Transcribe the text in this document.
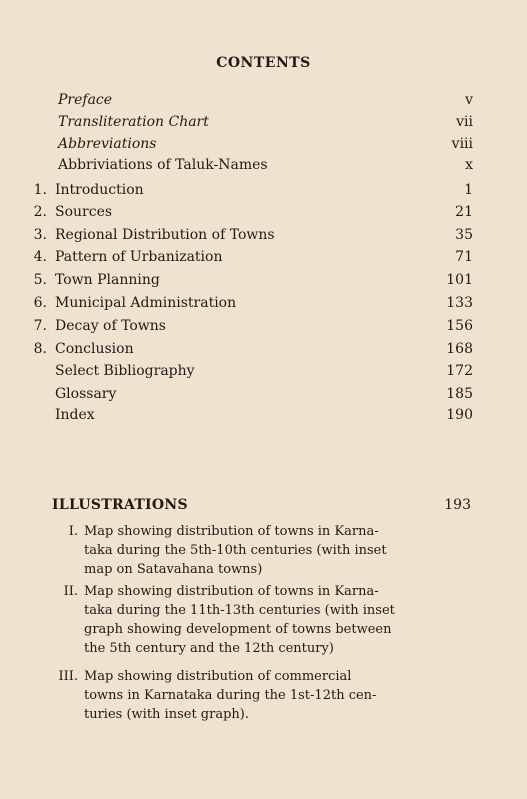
CONTENTS
Preface	v
Transliteration Chart	vii
Abbreviations	viii
Abbriviations of Taluk-Names	x
1. Introduction	1
2. Sources	21
3. Regional Distribution of Towns	35
4. Pattern of Urbanization	71
5. Town Planning	101
6. Municipal Administration	133
7. Decay of Towns	156
8. Conclusion	168
Select Bibliography	172
Glossary	185
Index	190
ILLUSTRATIONS	193
I. Map showing distribution of towns in Karna-
taka during the 5th-10th centuries (with inset
map on Satavahana towns)
II. Map showing distribution of towns in Karna-
taka during the 11th-13th centuries (with inset
graph showing development of towns between
the 5th century and the 12th century)
III. Map showing distribution of commercial
towns in Karnataka during the 1st-12th cen-
turies (with inset graph).
